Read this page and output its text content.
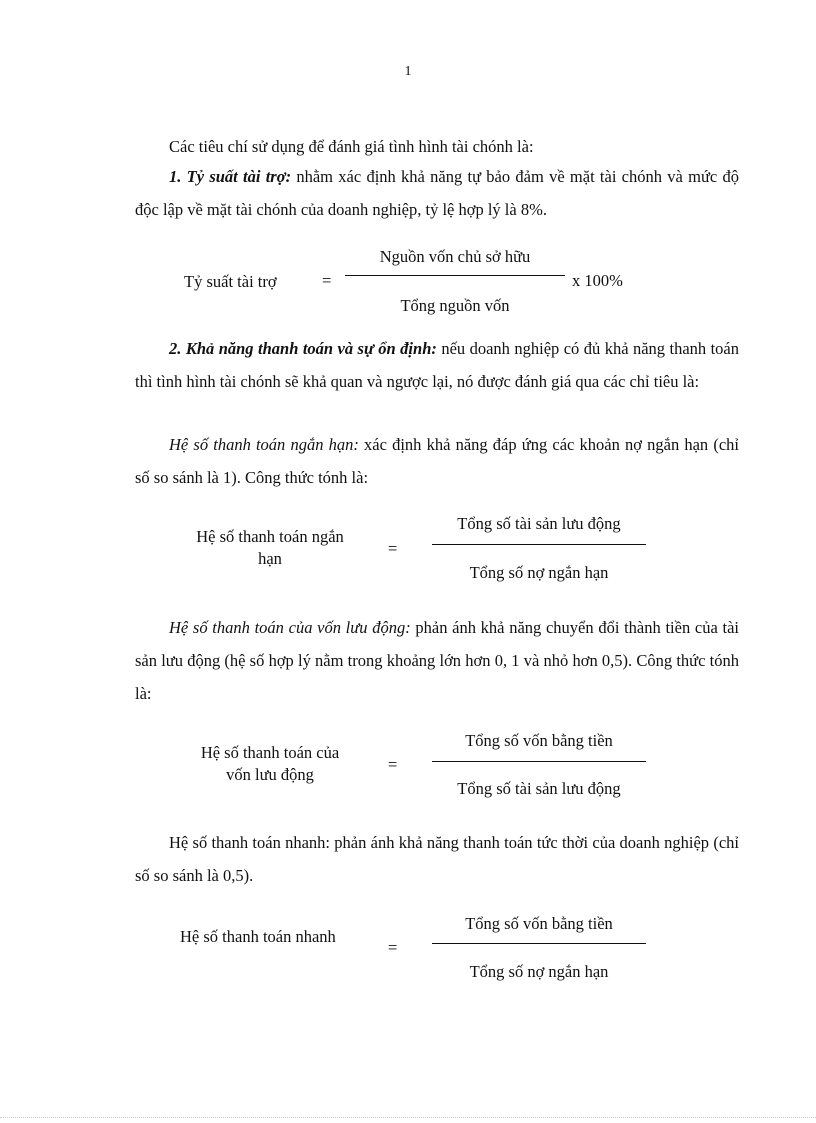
1

Các tiêu chí sử dụng để đánh giá tình hình tài chónh là:

1. Tỷ suất tài trợ: nhằm xác định khả năng tự bảo đảm về mặt tài chónh và mức độ độc lập về mặt tài chónh của doanh nghiệp, tỷ lệ hợp lý là 8%.

Tỷ suất tài trợ	=
Nguồn vốn chủ sở hữu
Tổng nguồn vốn
x 100%

2. Khả năng thanh toán và sự ổn định: nếu doanh nghiệp có đủ khả năng thanh toán thì tình hình tài chónh sẽ khả quan và ngược lại, nó được đánh giá qua các chỉ tiêu là:

Hệ số thanh toán ngắn hạn: xác định khả năng đáp ứng các khoản nợ ngắn hạn (chỉ số so sánh là 1). Công thức tónh là:

Hệ số thanh toán ngắn
hạn
=
Tổng số tài sản lưu động
Tổng số nợ ngắn hạn

Hệ số thanh toán của vốn lưu động: phản ánh khả năng chuyển đổi thành tiền của tài sản lưu động (hệ số hợp lý nằm trong khoảng lớn hơn 0, 1 và nhỏ hơn 0,5). Công thức tónh là:

Hệ số thanh toán của
vốn lưu động
=
Tổng số vốn bằng tiền
Tổng số tài sản lưu động

Hệ số thanh toán nhanh: phản ánh khả năng thanh toán tức thời của doanh nghiệp (chỉ số so sánh là 0,5).

Hệ số thanh toán nhanh
=
Tổng số vốn bằng tiền
Tổng số nợ ngắn hạn
